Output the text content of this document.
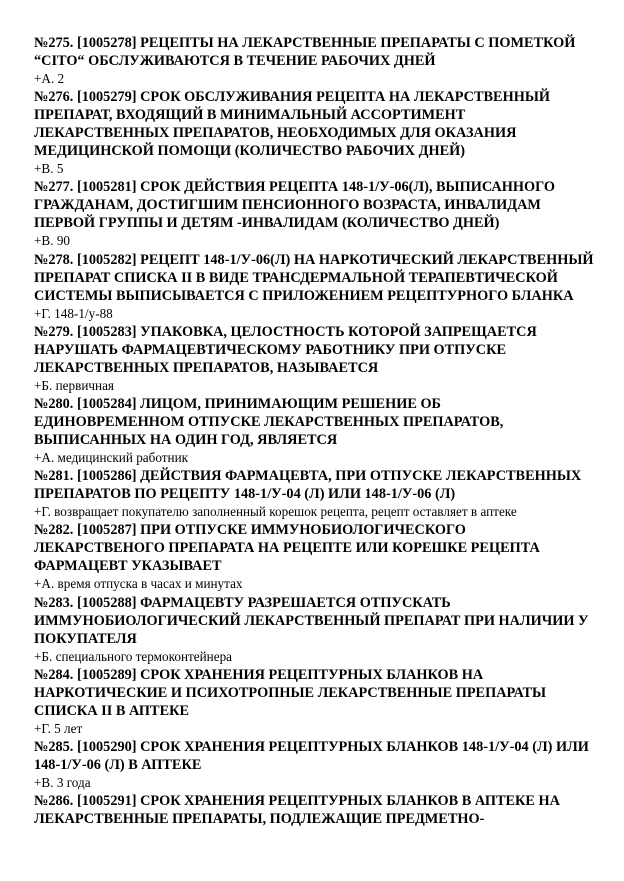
№275. [1005278] РЕЦЕПТЫ НА ЛЕКАРСТВЕННЫЕ ПРЕПАРАТЫ С ПОМЕТКОЙ “CITO“ ОБСЛУЖИВАЮТСЯ В ТЕЧЕНИЕ РАБОЧИХ ДНЕЙ

+А. 2

№276. [1005279] СРОК ОБСЛУЖИВАНИЯ РЕЦЕПТА НА ЛЕКАРСТВЕННЫЙ ПРЕПАРАТ, ВХОДЯЩИЙ В МИНИМАЛЬНЫЙ АССОРТИМЕНТ ЛЕКАРСТВЕННЫХ ПРЕПАРАТОВ, НЕОБХОДИМЫХ ДЛЯ ОКАЗАНИЯ МЕДИЦИНСКОЙ ПОМОЩИ (КОЛИЧЕСТВО РАБОЧИХ ДНЕЙ)

+В. 5

№277. [1005281] СРОК ДЕЙСТВИЯ РЕЦЕПТА 148-1/У-06(Л), ВЫПИСАННОГО ГРАЖДАНАМ, ДОСТИГШИМ ПЕНСИОННОГО ВОЗРАСТА, ИНВАЛИДАМ ПЕРВОЙ ГРУППЫ И ДЕТЯМ -ИНВАЛИДАМ (КОЛИЧЕСТВО ДНЕЙ)

+В. 90

№278. [1005282] РЕЦЕПТ 148-1/У-06(Л) НА НАРКОТИЧЕСКИЙ ЛЕКАРСТВЕННЫЙ ПРЕПАРАТ СПИСКА II В ВИДЕ ТРАНСДЕРМАЛЬНОЙ ТЕРАПЕВТИЧЕСКОЙ СИСТЕМЫ ВЫПИСЫВАЕТСЯ С ПРИЛОЖЕНИЕМ РЕЦЕПТУРНОГО БЛАНКА

+Г. 148-1/у-88

№279. [1005283] УПАКОВКА, ЦЕЛОСТНОСТЬ КОТОРОЙ ЗАПРЕЩАЕТСЯ НАРУШАТЬ ФАРМАЦЕВТИЧЕСКОМУ РАБОТНИКУ ПРИ ОТПУСКЕ ЛЕКАРСТВЕННЫХ ПРЕПАРАТОВ, НАЗЫВАЕТСЯ

+Б. первичная

№280. [1005284] ЛИЦОМ, ПРИНИМАЮЩИМ РЕШЕНИЕ ОБ ЕДИНОВРЕМЕННОМ ОТПУСКЕ ЛЕКАРСТВЕННЫХ ПРЕПАРАТОВ, ВЫПИСАННЫХ НА ОДИН ГОД, ЯВЛЯЕТСЯ

+А. медицинский работник

№281. [1005286] ДЕЙСТВИЯ ФАРМАЦЕВТА, ПРИ ОТПУСКЕ ЛЕКАРСТВЕННЫХ ПРЕПАРАТОВ ПО РЕЦЕПТУ 148-1/У-04 (Л) ИЛИ 148-1/У-06 (Л)

+Г. возвращает покупателю заполненный корешок рецепта, рецепт оставляет в аптеке

№282. [1005287] ПРИ ОТПУСКЕ ИММУНОБИОЛОГИЧЕСКОГО ЛЕКАРСТВЕНОГО ПРЕПАРАТА НА РЕЦЕПТЕ ИЛИ КОРЕШКЕ РЕЦЕПТА ФАРМАЦЕВТ УКАЗЫВАЕТ

+А. время отпуска в часах и минутах

№283. [1005288] ФАРМАЦЕВТУ РАЗРЕШАЕТСЯ ОТПУСКАТЬ ИММУНОБИОЛОГИЧЕСКИЙ ЛЕКАРСТВЕННЫЙ ПРЕПАРАТ ПРИ НАЛИЧИИ У ПОКУПАТЕЛЯ

+Б. специального термоконтейнера

№284. [1005289] СРОК ХРАНЕНИЯ РЕЦЕПТУРНЫХ БЛАНКОВ НА НАРКОТИЧЕСКИЕ И ПСИХОТРОПНЫЕ ЛЕКАРСТВЕННЫЕ ПРЕПАРАТЫ СПИСКА II В АПТЕКЕ

+Г. 5 лет

№285. [1005290] СРОК ХРАНЕНИЯ РЕЦЕПТУРНЫХ БЛАНКОВ 148-1/У-04 (Л) ИЛИ 148-1/У-06 (Л) В АПТЕКЕ

+В. 3 года

№286. [1005291] СРОК ХРАНЕНИЯ РЕЦЕПТУРНЫХ БЛАНКОВ В АПТЕКЕ НА ЛЕКАРСТВЕННЫЕ ПРЕПАРАТЫ, ПОДЛЕЖАЩИЕ ПРЕДМЕТНО-
